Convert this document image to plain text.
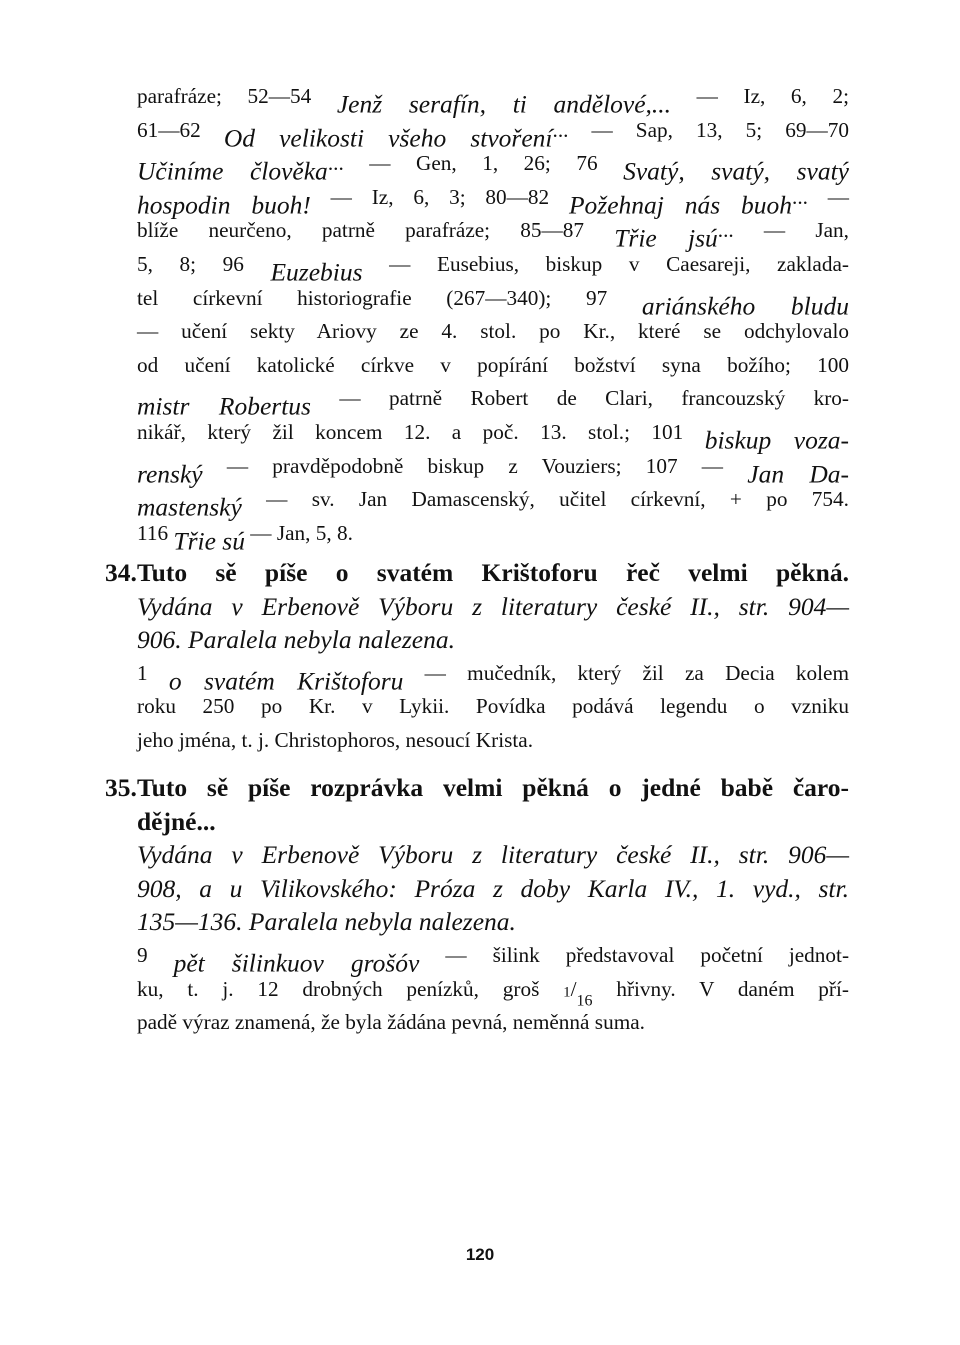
$^{parafráze; 52—54}$ Jenž serafín, ti andělové,... $^{— Iz, 6, 2;}$
$^{61—62}$ Od velikosti všeho stvoření$^{... — Sap, 13, 5; 69—70}$
Učiníme člověka$^{... — Gen, 1, 26; 76}$ Svatý, svatý, svatý
hospodin buoh! $^{— Iz, 6, 3; 80—82}$ Požehnaj nás buoh... —
$^{blíže neurčeno, patrně parafráze; 85—87}$ Třie jsú$^{... — Jan,}$
$^{5, 8; 96}$ Euzebius $^{— Eusebius, biskup v Caesareji, zaklada-}$
$^{tel církevní historiografie (267—340); 97}$ ariánského bludu
$^{— učení sekty Ariovy ze 4. stol. po Kr., které se odchylovalo}$
$^{od učení katolické církve v popírání božství syna božího; 100}$
mistr Robertus $^{— patrně Robert de Clari, francouzský kro-}$
$^{nikář, který žil koncem 12. a poč. 13. stol.; 101}$ biskup voza-
renský $^{— pravděpodobně biskup z Vouziers; 107 —}$ Jan Da-
mastenský $^{— sv. Jan Damascenský, učitel církevní, + po 754.}$
$^{116}$ Třie sú $^{— Jan, 5, 8.}$
34. Tuto sě píše o svatém Krištoforu řeč velmi pěkná.
Vydána v Erbenově Výboru z literatury české II., str. 904—
906. Paralela nebyla nalezena.
$^1$ o svatém Krištoforu $^{— mučedník, který žil za Decia kolem}$
$^{roku 250 po Kr. v Lykii. Povídka podává legendu o vzniku}$
$^{jeho jména, t. j. Christophoros, nesoucí Krista.}$
35. Tuto sě píše rozprávka velmi pěkná o jedné babě čaro-
dějné...
Vydána v Erbenově Výboru z literatury české II., str. 906—
908, a u Vilikovského: Próza z doby Karla IV., 1. vyd., str.
135—136. Paralela nebyla nalezena.
$^9$ pět šilinkuov grošóv $^{— šilink představoval početní jednot-}$
$^{ku, t. j. 12 drobných penízků, groš}$ $^{1/}$16 $^{hřivny. V daném pří-}$
$^{padě výraz znamená, že byla žádána pevná, neměnná suma.}$
120
